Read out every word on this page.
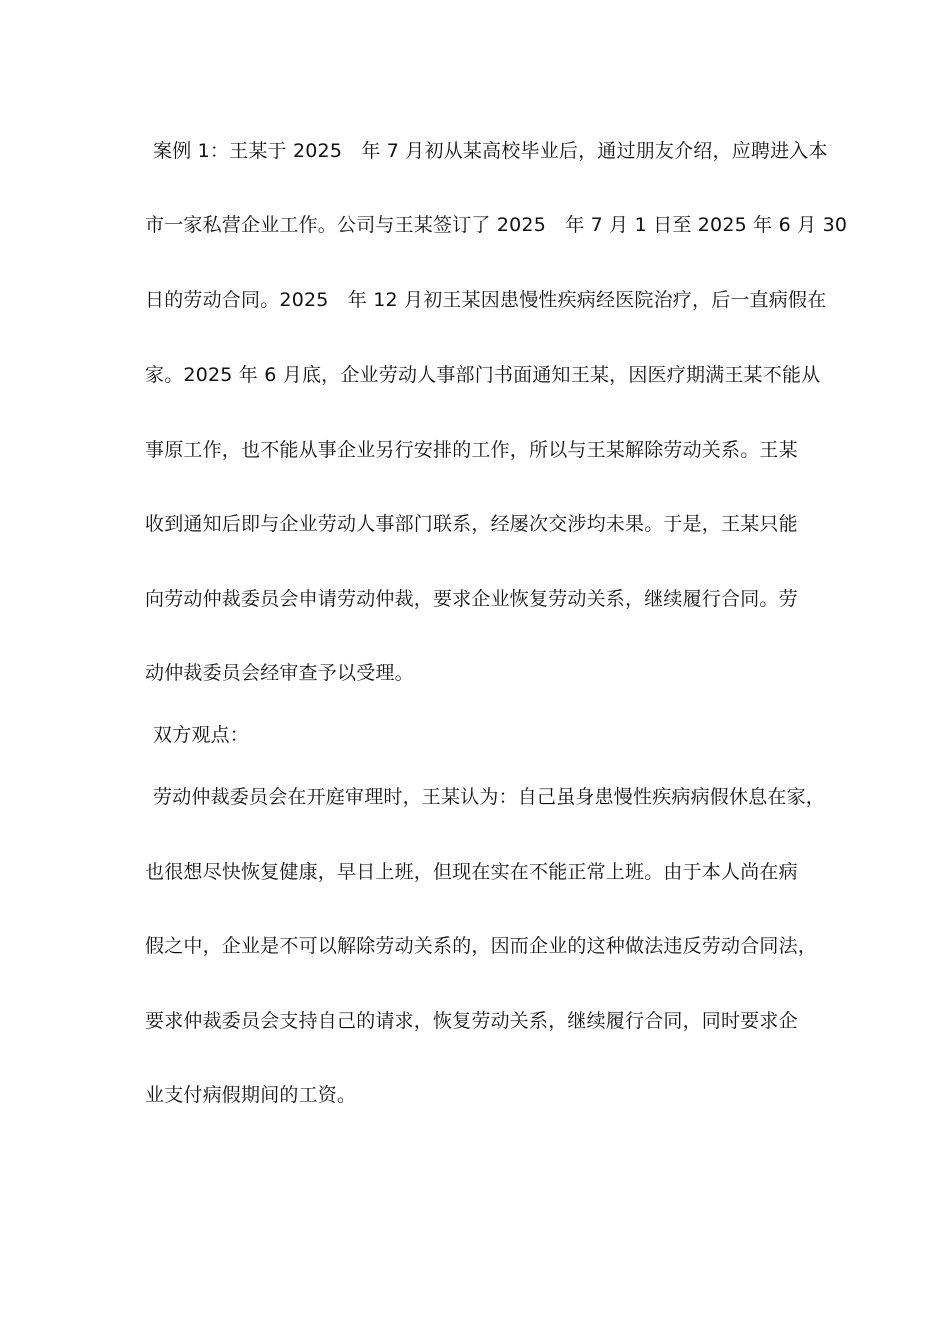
案例 1：王某于 2025　年 7 月初从某高校毕业后，通过朋友介绍，应聘进入本
市一家私营企业工作。公司与王某签订了 2025　年 7 月 1 日至 2025 年 6 月 30
日的劳动合同。2025　年 12 月初王某因患慢性疾病经医院治疗，后一直病假在
家。2025 年 6 月底，企业劳动人事部门书面通知王某，因医疗期满王某不能从
事原工作，也不能从事企业另行安排的工作，所以与王某解除劳动关系。王某
收到通知后即与企业劳动人事部门联系，经屡次交涉均未果。于是，王某只能
向劳动仲裁委员会申请劳动仲裁，要求企业恢复劳动关系，继续履行合同。劳
动仲裁委员会经审查予以受理。
双方观点：
劳动仲裁委员会在开庭审理时，王某认为：自己虽身患慢性疾病病假休息在家，
也很想尽快恢复健康，早日上班，但现在实在不能正常上班。由于本人尚在病
假之中，企业是不可以解除劳动关系的，因而企业的这种做法违反劳动合同法，
要求仲裁委员会支持自己的请求，恢复劳动关系，继续履行合同，同时要求企
业支付病假期间的工资。
